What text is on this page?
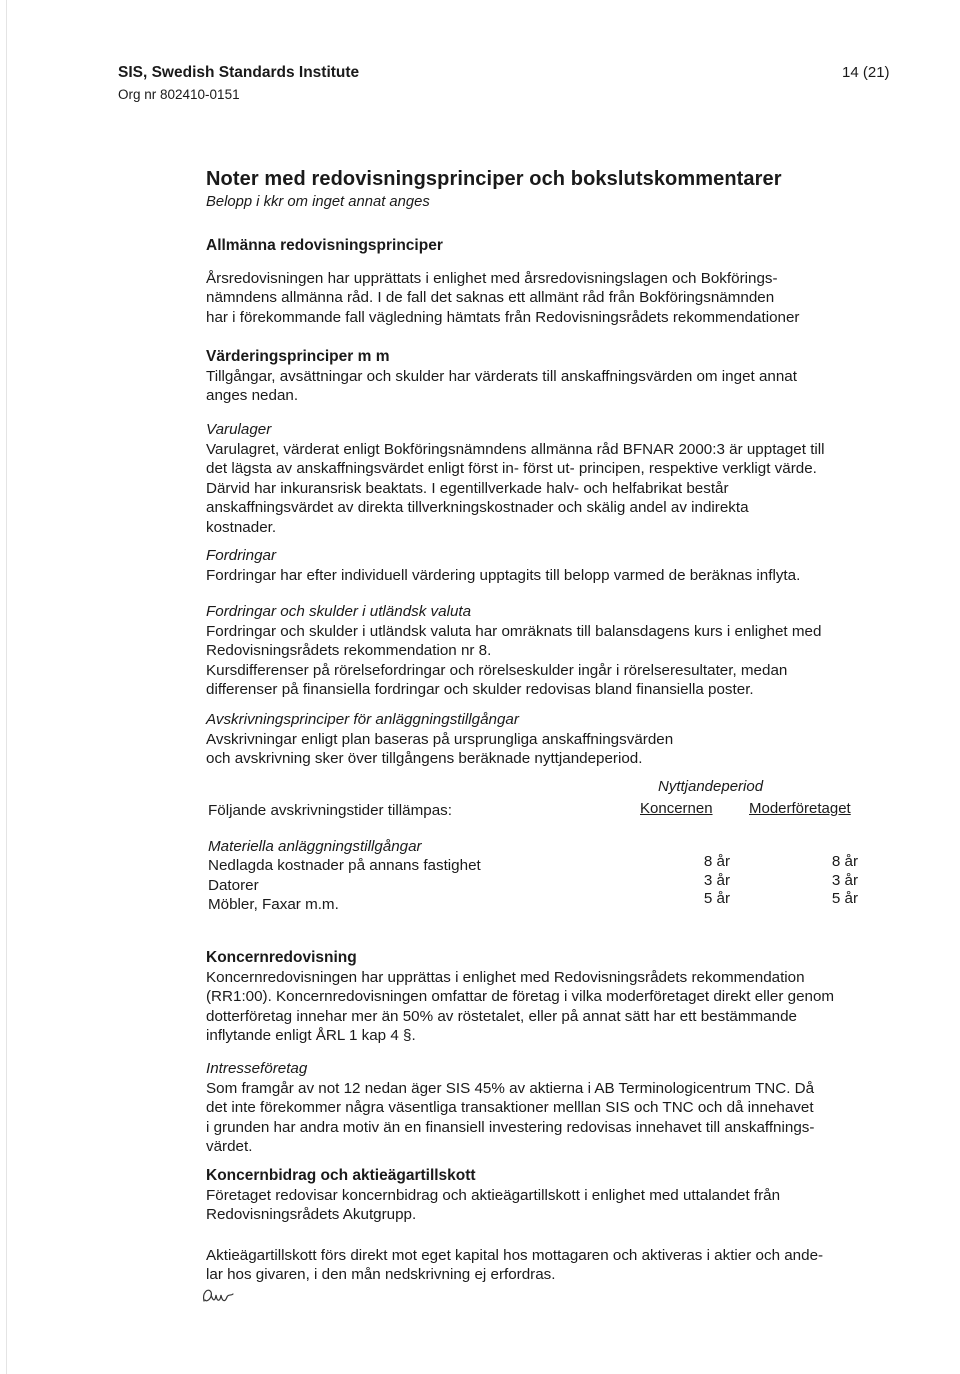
SIS, Swedish Standards Institute
Org nr 802410-0151
14 (21)

Noter med redovisningsprinciper och bokslutskommentarer

Belopp i kkr om inget annat anges

Allmänna redovisningsprinciper

Årsredovisningen har upprättats i enlighet med årsredovisningslagen och Bokförings-

nämndens allmänna råd. I de fall det saknas ett allmänt råd från Bokföringsnämnden

har i förekommande fall vägledning hämtats från Redovisningsrådets rekommendationer

Värderingsprinciper m m

Tillgångar, avsättningar och skulder har värderats till anskaffningsvärden om inget annat

anges nedan.

Varulager

Varulagret, värderat enligt Bokföringsnämndens allmänna råd BFNAR 2000:3 är upptaget till

det lägsta av anskaffningsvärdet enligt först in- först ut- principen, respektive verkligt värde.

Därvid har inkuransrisk beaktats. I egentillverkade halv- och helfabrikat består

anskaffningsvärdet av direkta tillverkningskostnader och skälig andel av indirekta

kostnader.

Fordringar

Fordringar har efter individuell värdering upptagits till belopp varmed de beräknas inflyta.

Fordringar och skulder i utländsk valuta

Fordringar och skulder i utländsk valuta har omräknats till balansdagens kurs i enlighet med

Redovisningsrådets rekommendation nr 8.

Kursdifferenser på rörelsefordringar och rörelseskulder ingår i rörelseresultater, medan

differenser på finansiella fordringar och skulder redovisas bland finansiella poster.

Avskrivningsprinciper för anläggningstillgångar

Avskrivningar enligt plan baseras på ursprungliga anskaffningsvärden

och avskrivning sker över tillgångens beräknade nyttjandeperiod.

Nyttjandeperiod
Följande avskrivningstider tillämpas:	Koncernen Moderföretaget
Materiella anläggningstillgångar
Nedlagda kostnader på annans fastighet	8 år	8 år
Datorer	3 år	3 år
Möbler, Faxar m.m.	5 år	5 år

Koncernredovisning

Koncernredovisningen har upprättas i enlighet med Redovisningsrådets rekommendation

(RR1:00). Koncernredovisningen omfattar de företag i vilka moderföretaget direkt eller genom

dotterföretag innehar mer än 50% av röstetalet, eller på annat sätt har ett bestämmande

inflytande enligt ÅRL 1 kap 4 §.

Intresseföretag

Som framgår av not 12 nedan äger SIS 45% av aktierna i AB Terminologicentrum TNC. Då

det inte förekommer några väsentliga transaktioner melllan SIS och TNC och då innehavet

i grunden har andra motiv än en finansiell investering redovisas innehavet till anskaffnings-

värdet.

Koncernbidrag och aktieägartillskott

Företaget redovisar koncernbidrag och aktieägartillskott i enlighet med uttalandet från

Redovisningsrådets Akutgrupp.

Aktieägartillskott förs direkt mot eget kapital hos mottagaren och aktiveras i aktier och ande-

lar hos givaren, i den mån nedskrivning ej erfordras.
